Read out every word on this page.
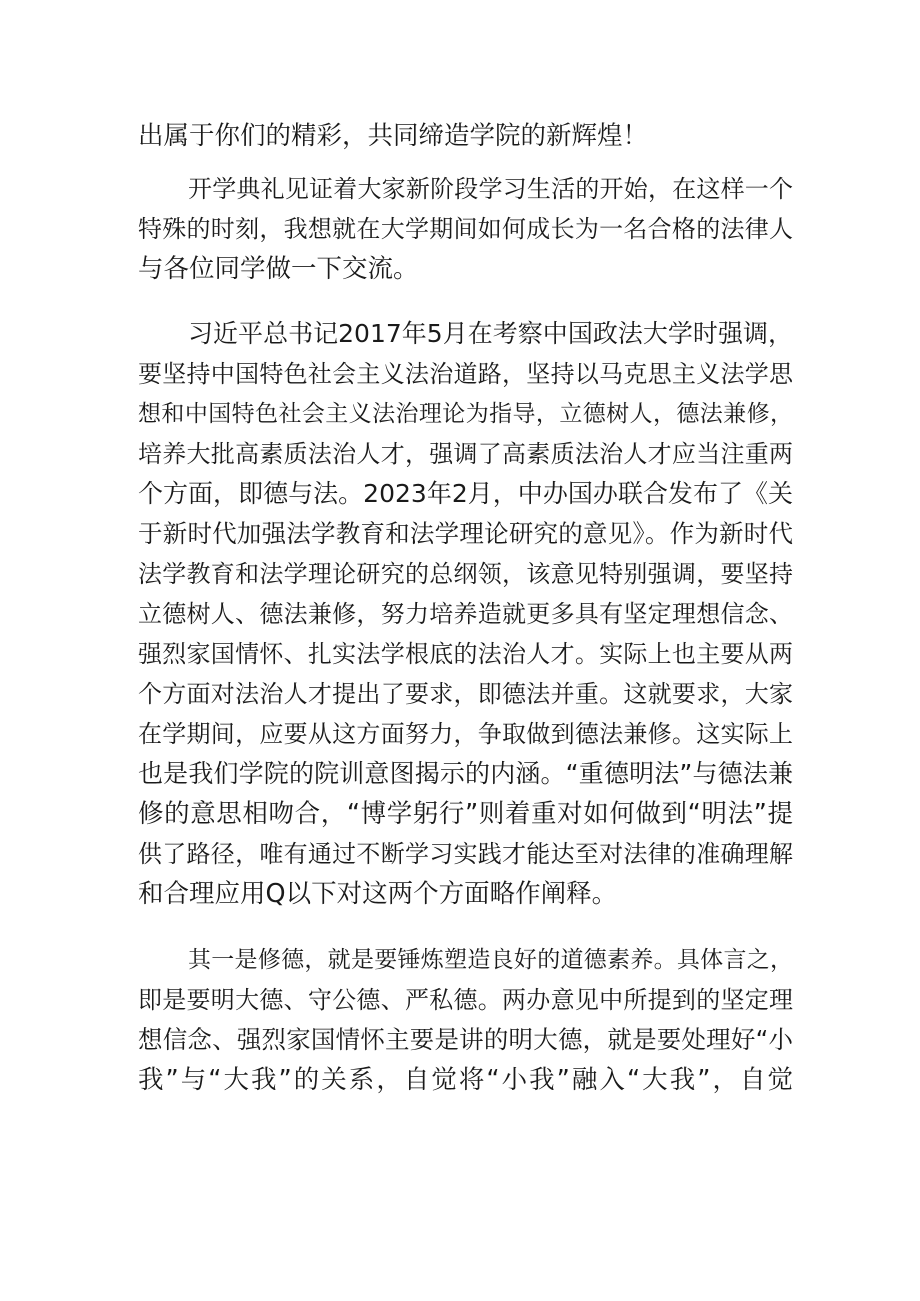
出属于你们的精彩，共同缔造学院的新辉煌！
开学典礼见证着大家新阶段学习生活的开始，在这样一个
特殊的时刻，我想就在大学期间如何成长为一名合格的法律人
与各位同学做一下交流。
习近平总书记2017年5月在考察中国政法大学时强调，
要坚持中国特色社会主义法治道路，坚持以马克思主义法学思
想和中国特色社会主义法治理论为指导，立德树人，德法兼修，
培养大批高素质法治人才，强调了高素质法治人才应当注重两
个方面，即德与法。2023年2月，中办国办联合发布了《关
于新时代加强法学教育和法学理论研究的意见》。作为新时代
法学教育和法学理论研究的总纲领，该意见特别强调，要坚持
立德树人、德法兼修，努力培养造就更多具有坚定理想信念、
强烈家国情怀、扎实法学根底的法治人才。实际上也主要从两
个方面对法治人才提出了要求，即德法并重。这就要求，大家
在学期间，应要从这方面努力，争取做到德法兼修。这实际上
也是我们学院的院训意图揭示的内涵。“重德明法”与德法兼
修的意思相吻合，“博学躬行”则着重对如何做到“明法”提
供了路径，唯有通过不断学习实践才能达至对法律的准确理解
和合理应用Q以下对这两个方面略作阐释。
其一是修德，就是要锤炼塑造良好的道德素养。具体言之，
即是要明大德、守公德、严私德。两办意见中所提到的坚定理
想信念、强烈家国情怀主要是讲的明大德，就是要处理好“小
我”与“大我”的关系，自觉将“小我”融入“大我”，自觉
